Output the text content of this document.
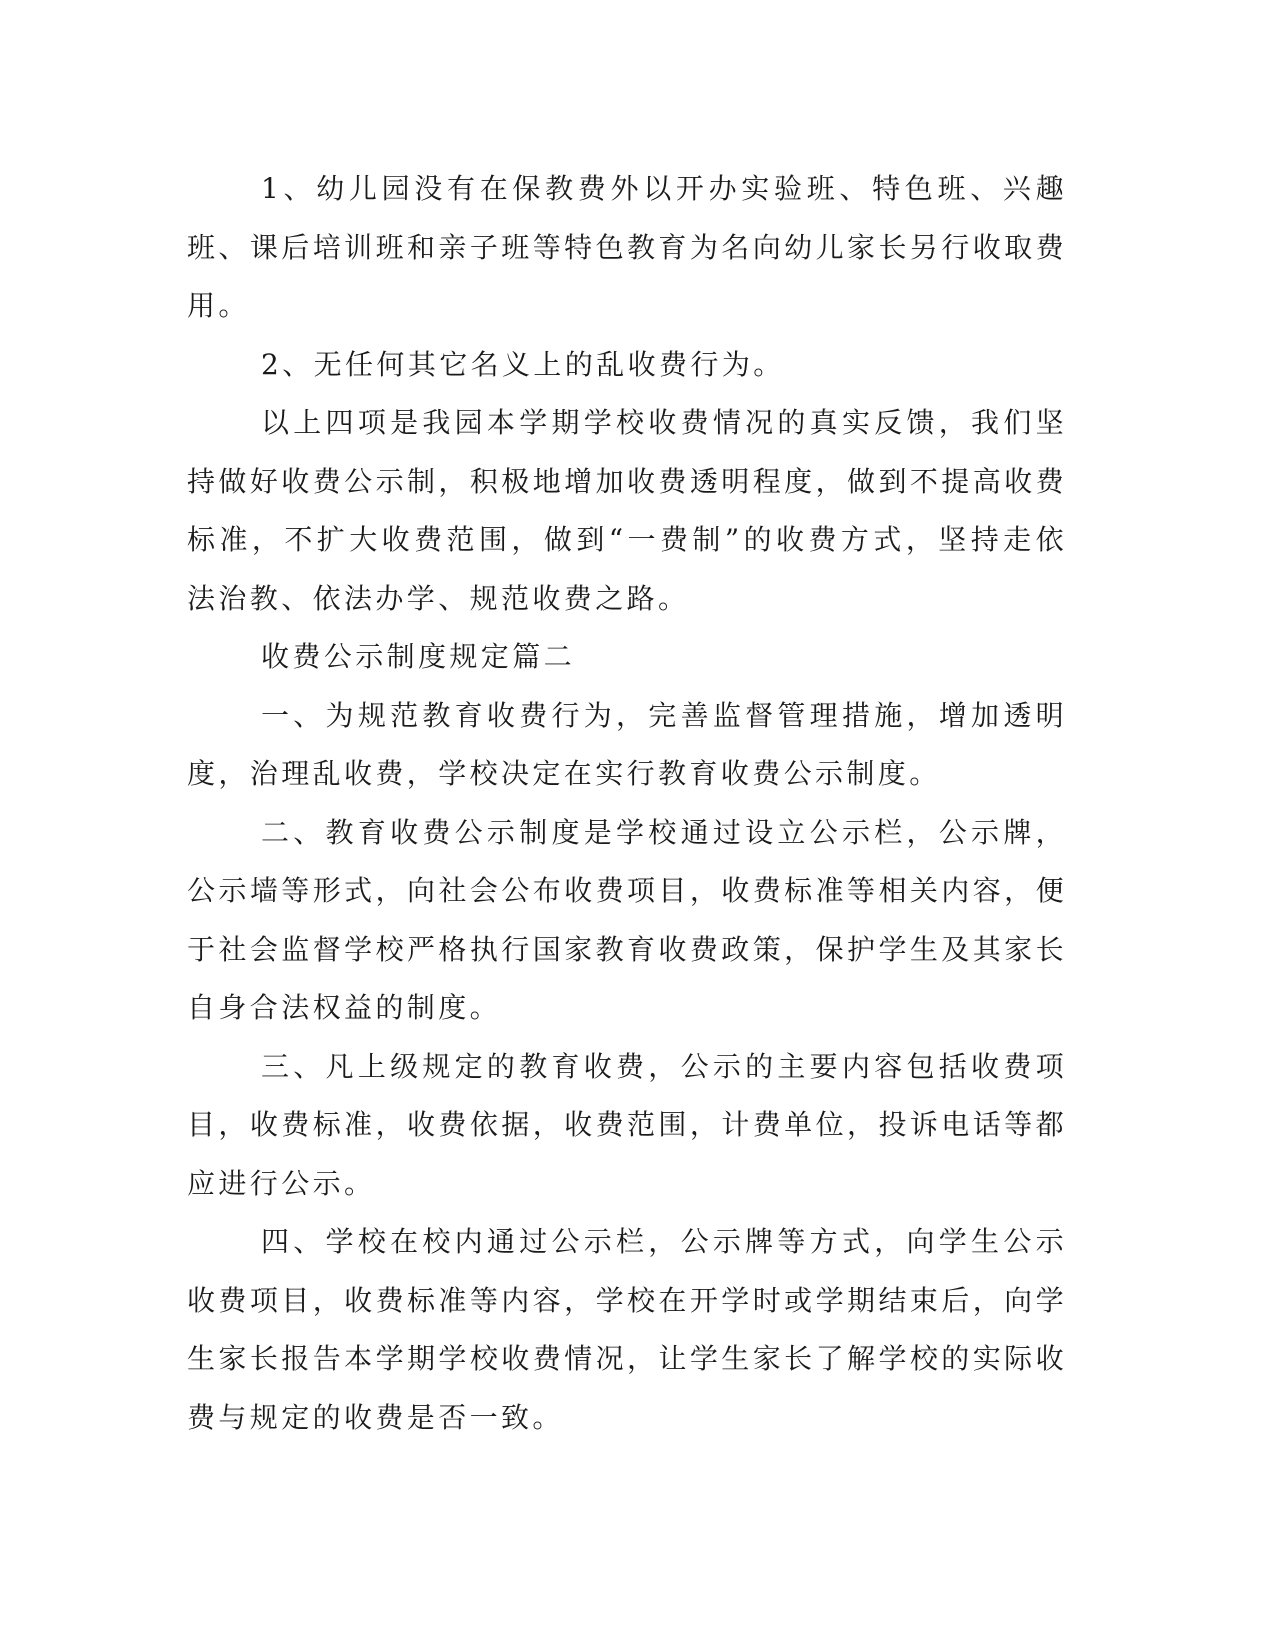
1、幼儿园没有在保教费外以开办实验班、特色班、兴趣班、课后培训班和亲子班等特色教育为名向幼儿家长另行收取费用。

2、无任何其它名义上的乱收费行为。

以上四项是我园本学期学校收费情况的真实反馈，我们坚持做好收费公示制，积极地增加收费透明程度，做到不提高收费标准，不扩大收费范围，做到“一费制”的收费方式，坚持走依法治教、依法办学、规范收费之路。

收费公示制度规定篇二

一、为规范教育收费行为，完善监督管理措施，增加透明度，治理乱收费，学校决定在实行教育收费公示制度。

二、教育收费公示制度是学校通过设立公示栏，公示牌，公示墙等形式，向社会公布收费项目，收费标准等相关内容，便于社会监督学校严格执行国家教育收费政策，保护学生及其家长自身合法权益的制度。

三、凡上级规定的教育收费，公示的主要内容包括收费项目，收费标准，收费依据，收费范围，计费单位，投诉电话等都应进行公示。

四、学校在校内通过公示栏，公示牌等方式，向学生公示收费项目，收费标准等内容，学校在开学时或学期结束后，向学生家长报告本学期学校收费情况，让学生家长了解学校的实际收费与规定的收费是否一致。
